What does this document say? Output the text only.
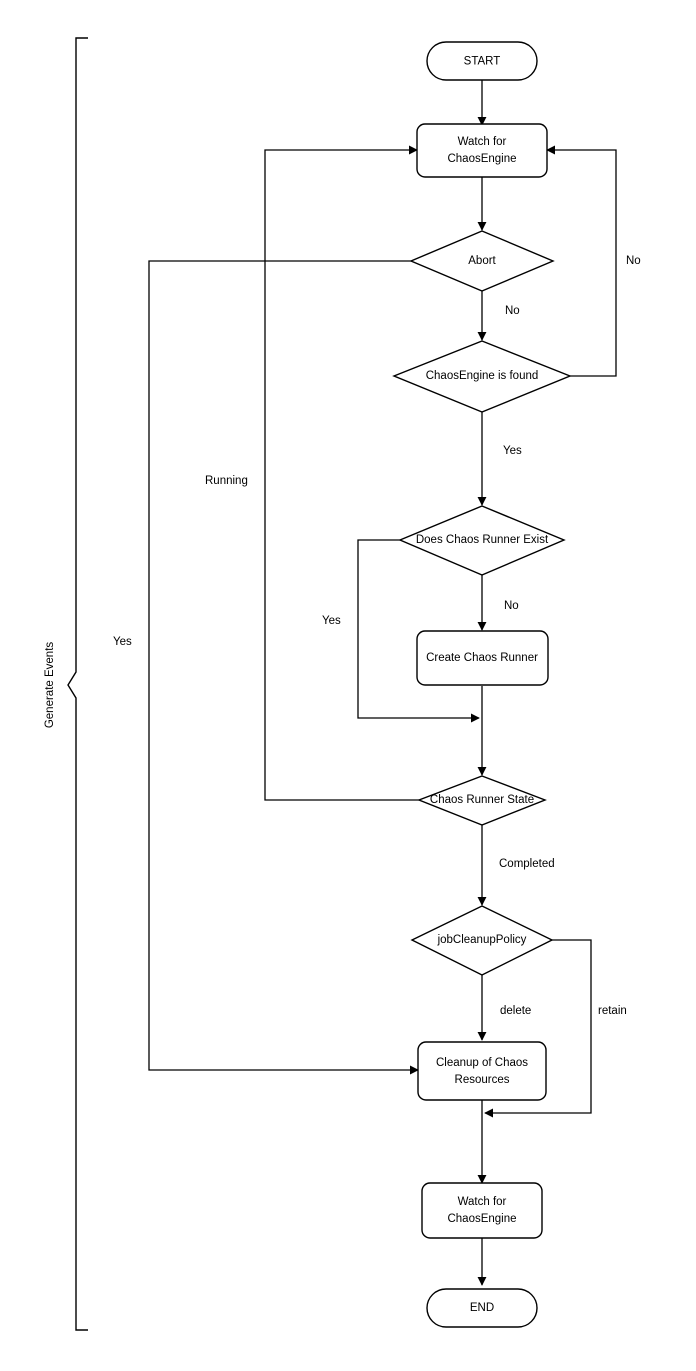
Generate Events
START
Watch for
ChaosEngine
Abort
ChaosEngine is found
Does Chaos Runner Exist
Create Chaos Runner
Chaos Runner State
jobCleanupPolicy
Cleanup of Chaos
Resources
Watch for
ChaosEngine
END
No
Yes
No
Yes
Yes
No
Running
Completed
delete	retain
